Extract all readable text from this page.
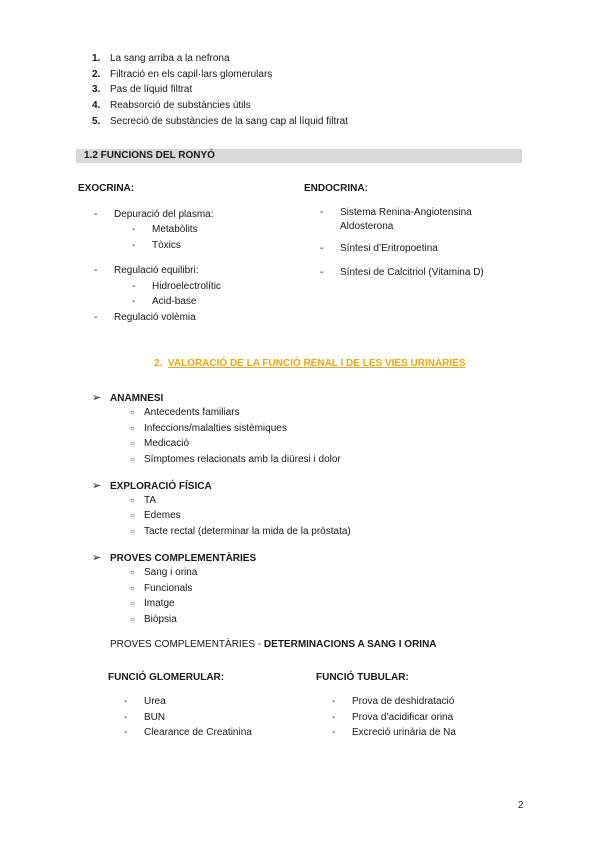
1. La sang arriba a la nefrona
2. Filtració en els capil·lars glomerulars
3. Pas de líquid filtrat
4. Reabsorció de substàncies útils
5. Secreció de substàncies de la sang cap al líquid filtrat
1.2 FUNCIONS DEL RONYÓ
EXOCRINA:
- Depuració del plasma:
- Metabòlits
- Tòxics
- Regulació equilibri:
- Hidroelectrolític
- Acid-base
- Regulació volèmia
ENDOCRINA:
- Sistema Renina-Angiotensina
Aldosterona
- Síntesi d’Eritropoetina
- Síntesi de Calcitriol (Vitamina D)
2. VALORACIÓ DE LA FUNCIÓ RENAL I DE LES VIES URINÀRIES
➢ ANAMNESI
○ Antecedents familiars
○ Infeccions/malalties sistèmiques
○ Medicació
○ Símptomes relacionats amb la diüresi i dolor
➢ EXPLORACIÓ FÍSICA
○ TA
○ Edemes
○ Tacte rectal (determinar la mida de la pròstata)
➢ PROVES COMPLEMENTÀRIES
○ Sang i orina
○ Funcionals
○ Imatge
○ Biòpsia
PROVES COMPLEMENTÀRIES - DETERMINACIONS A SANG I ORINA
FUNCIÓ GLOMERULAR:
- Urea
- BUN
- Clearance de Creatinina
FUNCIÓ TUBULAR:
- Prova de deshidratació
- Prova d’acidificar orina
- Excreció urinària de Na
2
